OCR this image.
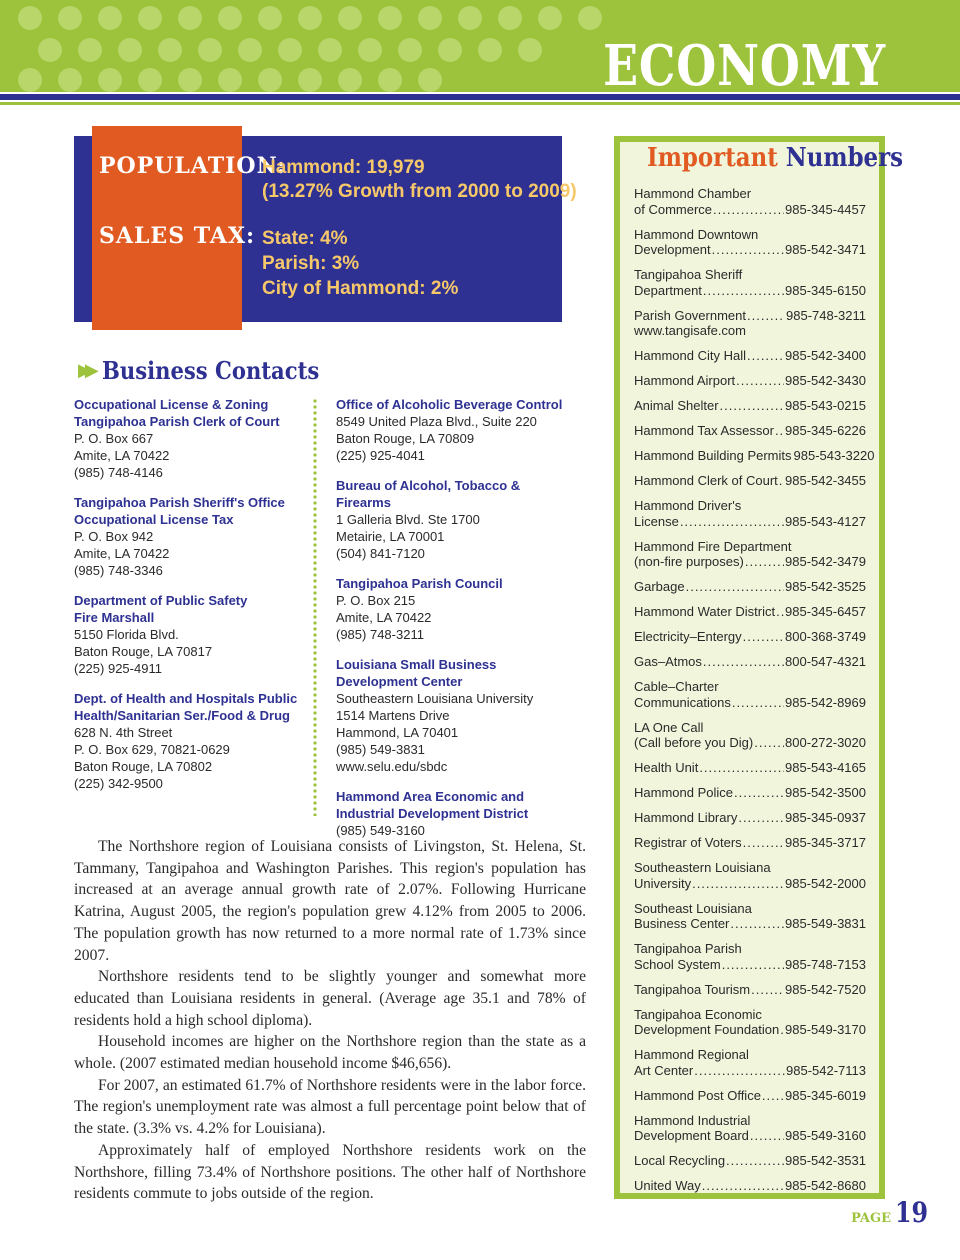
ECONOMY
POPULATION:
SALES TAX:
Hammond: 19,979
(13.27% Growth from 2000 to 2009)
State: 4%
Parish: 3%
City of Hammond: 2%
▶▶ Business Contacts
Occupational License & Zoning
Tangipahoa Parish Clerk of Court
P. O. Box 667
Amite, LA 70422
(985) 748-4146
Tangipahoa Parish Sheriff's Office
Occupational License Tax
P. O. Box 942
Amite, LA 70422
(985) 748-3346
Department of Public Safety
Fire Marshall
5150 Florida Blvd.
Baton Rouge, LA 70817
(225) 925-4911
Dept. of Health and Hospitals Public
Health/Sanitarian Ser./Food & Drug
628 N. 4th Street
P. O. Box 629, 70821-0629
Baton Rouge, LA 70802
(225) 342-9500
Office of Alcoholic Beverage Control
8549 United Plaza Blvd., Suite 220
Baton Rouge, LA 70809
(225) 925-4041
Bureau of Alcohol, Tobacco & Firearms
1 Galleria Blvd. Ste 1700
Metairie, LA 70001
(504) 841-7120
Tangipahoa Parish Council
P. O. Box 215
Amite, LA 70422
(985) 748-3211
Louisiana Small Business
Development Center
Southeastern Louisiana University
1514 Martens Drive
Hammond, LA 70401
(985) 549-3831
www.selu.edu/sbdc
Hammond Area Economic and
Industrial Development District
(985) 549-3160

The Northshore region of Louisiana consists of Livingston, St. Helena, St. Tammany, Tangipahoa and Washington Parishes. This region's population has increased at an average annual growth rate of 2.07%. Following Hurricane Katrina, August 2005, the region's population grew 4.12% from 2005 to 2006. The population growth has now returned to a more normal rate of 1.73% since 2007.

Northshore residents tend to be slightly younger and somewhat more educated than Louisiana residents in general. (Average age 35.1 and 78% of residents hold a high school diploma).

Household incomes are higher on the Northshore region than the state as a whole. (2007 estimated median household income $46,656).

For 2007, an estimated 61.7% of Northshore residents were in the labor force. The region's unemployment rate was almost a full percentage point below that of the state. (3.3% vs. 4.2% for Louisiana).

Approximately half of employed Northshore residents work on the Northshore, filling 73.4% of Northshore positions. The other half of Northshore residents commute to jobs outside of the region.

Important Numbers
Hammond Chamber
of Commerce .....	985-345-4457
Hammond Downtown
Development .....	985-542-3471
Tangipahoa Sheriff
Department .....	985-345-6150
Parish Government .....	985-748-3211
www.tangisafe.com
Hammond City Hall .....	985-542-3400
Hammond Airport .....	985-542-3430
Animal Shelter .....	985-543-0215
Hammond Tax Assessor ..... 985-345-6226
Hammond Building Permits 985-543-3220
Hammond Clerk of Court ..... 985-542-3455
Hammond Driver's
License .....	985-543-4127
Hammond Fire Department
(non-fire purposes) .....	985-542-3479
Garbage .....	985-542-3525
Hammond Water District ..... 985-345-6457
Electricity–Entergy .....	800-368-3749
Gas–Atmos .....	800-547-4321
Cable–Charter
Communications .....	985-542-8969
LA One Call
(Call before you Dig) ..... 800-272-3020
Health Unit .....	985-543-4165
Hammond Police .....	985-542-3500
Hammond Library .....	985-345-0937
Registrar of Voters .....	985-345-3717
Southeastern Louisiana
University .....	985-542-2000
Southeast Louisiana
Business Center .....	985-549-3831
Tangipahoa Parish
School System .....	985-748-7153
Tangipahoa Tourism .....	985-542-7520
Tangipahoa Economic
Development Foundation ..... 985-549-3170
Hammond Regional
Art Center .....	985-542-7113
Hammond Post Office ..... 985-345-6019
Hammond Industrial
Development Board .....	985-549-3160
Local Recycling .....	985-542-3531
United Way .....	985-542-8680
PAGE 19
